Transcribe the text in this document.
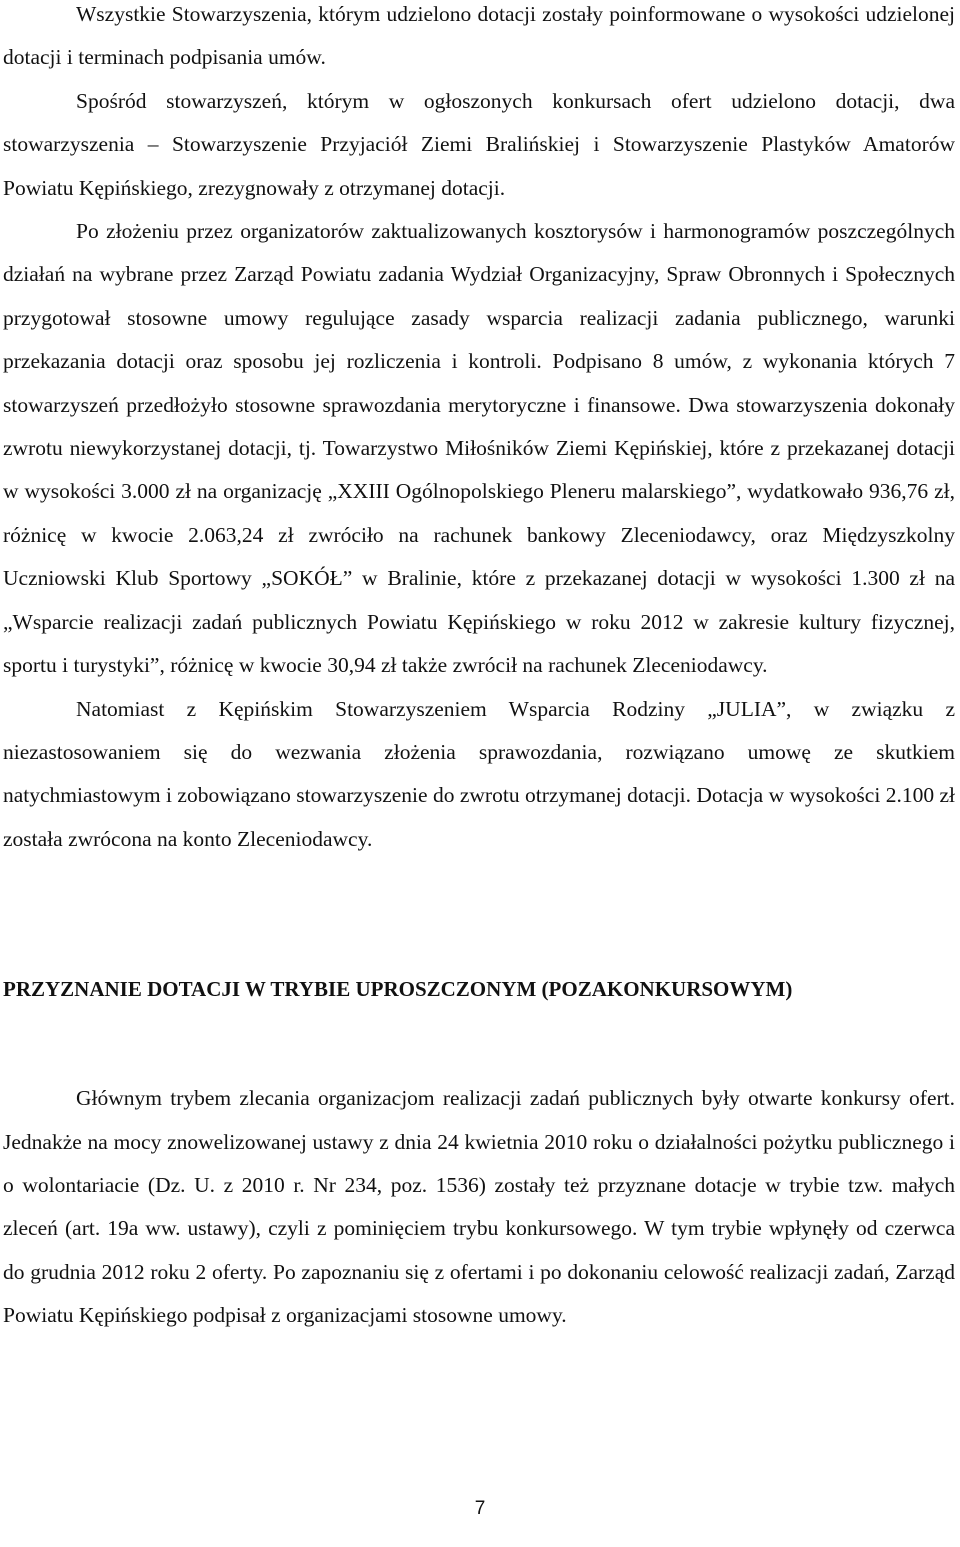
Wszystkie Stowarzyszenia, którym udzielono dotacji zostały poinformowane o wysokości udzielonej dotacji i terminach podpisania umów.

Spośród stowarzyszeń, którym w ogłoszonych konkursach ofert udzielono dotacji, dwa stowarzyszenia – Stowarzyszenie Przyjaciół Ziemi Bralińskiej i Stowarzyszenie Plastyków Amatorów Powiatu Kępińskiego, zrezygnowały z otrzymanej dotacji.

Po złożeniu przez organizatorów zaktualizowanych kosztorysów i harmonogramów poszczególnych działań na wybrane przez Zarząd Powiatu zadania Wydział Organizacyjny, Spraw Obronnych i Społecznych przygotował stosowne umowy regulujące zasady wsparcia realizacji zadania publicznego, warunki przekazania dotacji oraz sposobu jej rozliczenia i kontroli. Podpisano 8 umów, z wykonania których 7 stowarzyszeń przedłożyło stosowne sprawozdania merytoryczne i finansowe. Dwa stowarzyszenia dokonały zwrotu niewykorzystanej dotacji, tj. Towarzystwo Miłośników Ziemi Kępińskiej, które z przekazanej dotacji w wysokości 3.000 zł na organizację „XXIII Ogólnopolskiego Pleneru malarskiego”, wydatkowało 936,76 zł, różnicę w kwocie 2.063,24 zł zwróciło na rachunek bankowy Zleceniodawcy, oraz Międzyszkolny Uczniowski Klub Sportowy „SOKÓŁ” w Bralinie, które z przekazanej dotacji w wysokości 1.300 zł na „Wsparcie realizacji zadań publicznych Powiatu Kępińskiego w roku 2012 w zakresie kultury fizycznej, sportu i turystyki”, różnicę w kwocie 30,94 zł także zwrócił na rachunek Zleceniodawcy.

Natomiast z Kępińskim Stowarzyszeniem Wsparcia Rodziny „JULIA”, w związku z niezastosowaniem się do wezwania złożenia sprawozdania, rozwiązano umowę ze skutkiem natychmiastowym i zobowiązano stowarzyszenie do zwrotu otrzymanej dotacji. Dotacja w wysokości 2.100 zł została zwrócona na konto Zleceniodawcy.

PRZYZNANIE DOTACJI W TRYBIE UPROSZCZONYM (POZAKONKURSOWYM)

Głównym trybem zlecania organizacjom realizacji zadań publicznych były otwarte konkursy ofert. Jednakże na mocy znowelizowanej ustawy z dnia 24 kwietnia 2010 roku o działalności pożytku publicznego i o wolontariacie (Dz. U. z 2010 r. Nr 234, poz. 1536) zostały też przyznane dotacje w trybie tzw. małych zleceń (art. 19a ww. ustawy), czyli z pominięciem trybu konkursowego. W tym trybie wpłynęły od czerwca do grudnia 2012 roku 2 oferty. Po zapoznaniu się z ofertami i po dokonaniu celowość realizacji zadań, Zarząd Powiatu Kępińskiego podpisał z organizacjami stosowne umowy.

7
